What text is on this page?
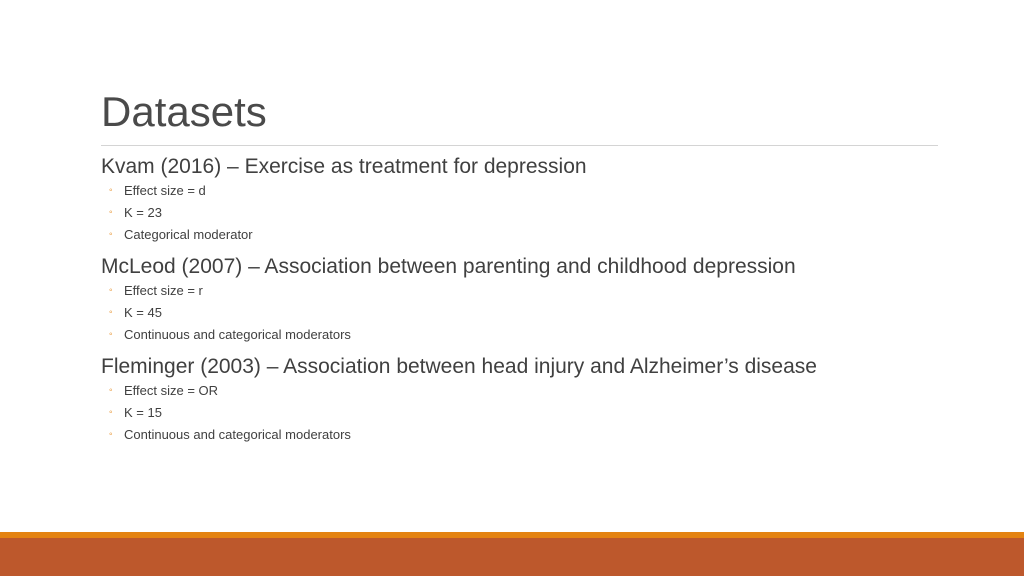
Datasets

Kvam (2016) – Exercise as treatment for depression

◦ Effect size = d
◦ K = 23
◦ Categorical moderator

McLeod (2007) – Association between parenting and childhood depression

◦ Effect size = r
◦ K = 45
◦ Continuous and categorical moderators

Fleminger (2003) – Association between head injury and Alzheimer’s disease

◦ Effect size = OR
◦ K = 15
◦ Continuous and categorical moderators
